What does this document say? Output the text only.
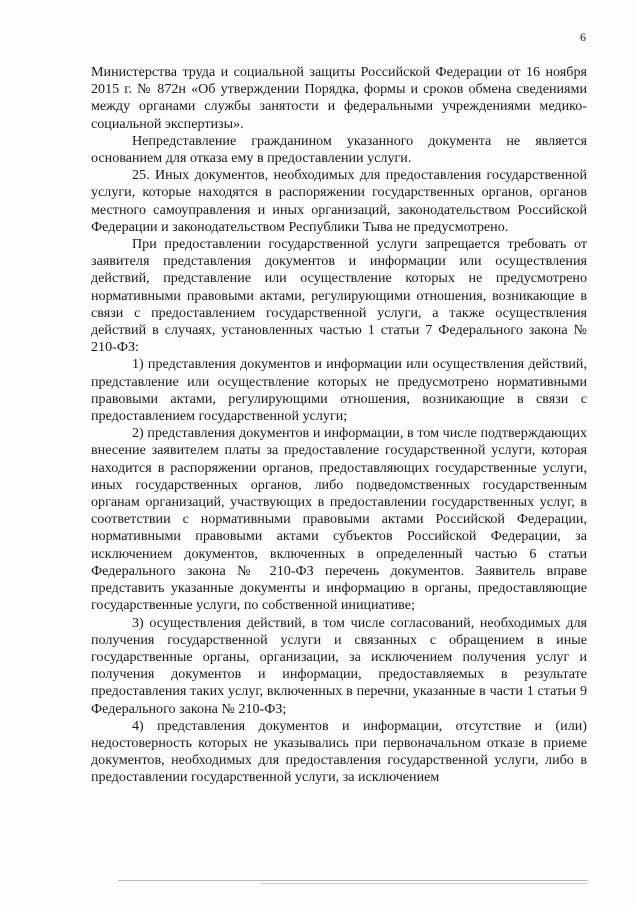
6

Министерства труда и социальной защиты Российской Федерации от 16 ноября 2015 г. № 872н «Об утверждении Порядка, формы и сроков обмена сведениями между органами службы занятости и федеральными учреждениями медико-социальной экспертизы».

Непредставление гражданином указанного документа не является основанием для отказа ему в предоставлении услуги.

25. Иных документов, необходимых для предоставления государственной услуги, которые находятся в распоряжении государственных органов, органов местного самоуправления и иных организаций, законодательством Российской Федерации и законодательством Республики Тыва не предусмотрено.

При предоставлении государственной услуги запрещается требовать от заявителя представления документов и информации или осуществления действий, представление или осуществление которых не предусмотрено нормативными правовыми актами, регулирующими отношения, возникающие в связи с предоставлением государственной услуги, а также осуществления действий в случаях, установленных частью 1 статьи 7 Федерального закона № 210-ФЗ:

1) представления документов и информации или осуществления действий, представление или осуществление которых не предусмотрено нормативными правовыми актами, регулирующими отношения, возникающие в связи с предоставлением государственной услуги;

2) представления документов и информации, в том числе подтверждающих внесение заявителем платы за предоставление государственной услуги, которая находится в распоряжении органов, предоставляющих государственные услуги, иных государственных органов, либо подведомственных государственным органам организаций, участвующих в предоставлении государственных услуг, в соответствии с нормативными правовыми актами Российской Федерации, нормативными правовыми актами субъектов Российской Федерации, за исключением документов, включенных в определенный частью 6 статьи Федерального закона № 210-ФЗ перечень документов. Заявитель вправе представить указанные документы и информацию в органы, предоставляющие государственные услуги, по собственной инициативе;

3) осуществления действий, в том числе согласований, необходимых для получения государственной услуги и связанных с обращением в иные государственные органы, организации, за исключением получения услуг и получения документов и информации, предоставляемых в результате предоставления таких услуг, включенных в перечни, указанные в части 1 статьи 9 Федерального закона № 210-ФЗ;

4) представления документов и информации, отсутствие и (или) недостоверность которых не указывались при первоначальном отказе в приеме документов, необходимых для предоставления государственной услуги, либо в предоставлении государственной услуги, за исключением
